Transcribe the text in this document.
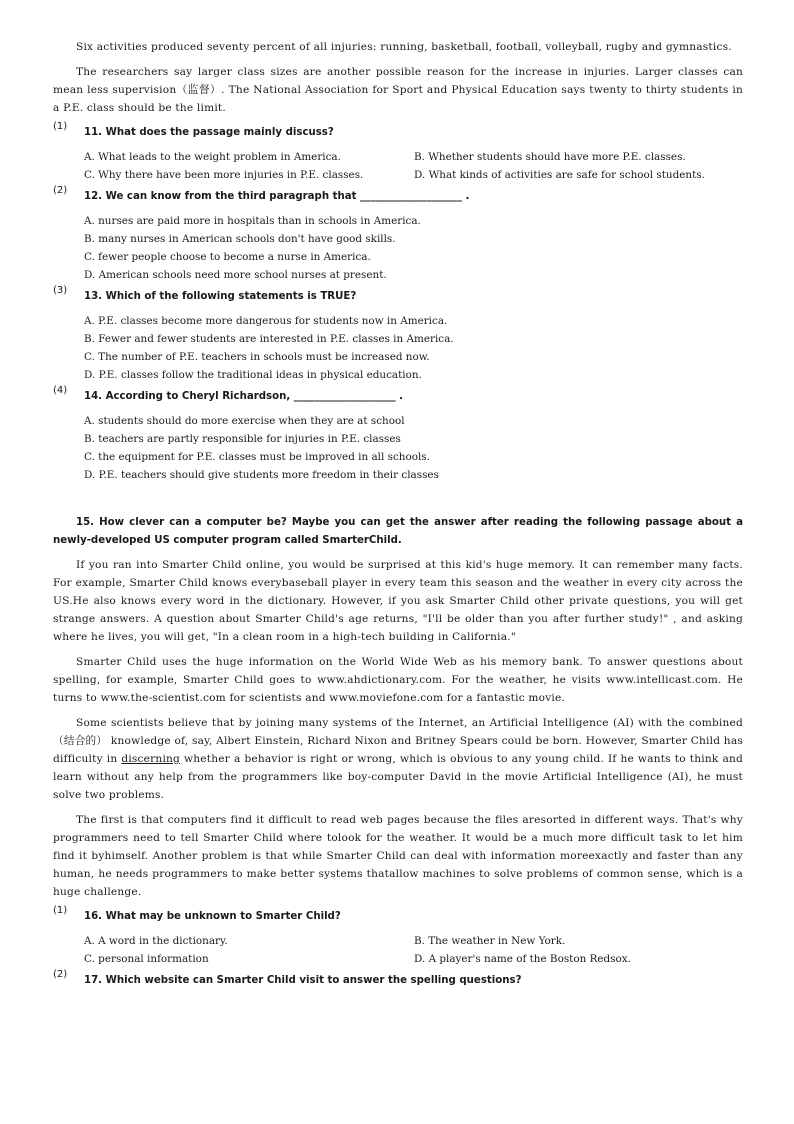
Six activities produced seventy percent of all injuries: running, basketball, football, volleyball, rugby and gymnastics.

The researchers say larger class sizes are another possible reason for the increase in injuries. Larger classes can mean less supervision（监督）. The National Association for Sport and Physical Education says twenty to thirty students in a P.E. class should be the limit.

(1)
11. What does the passage mainly discuss?
A. What leads to the weight problem in America.	B. Whether students should have more P.E. classes.
C. Why there have been more injuries in P.E. classes.	D. What kinds of activities are safe for school students.
(2)
12. We can know from the third paragraph that ____________________ .
A. nurses are paid more in hospitals than in schools in America.
B. many nurses in American schools don't have good skills.
C. fewer people choose to become a nurse in America.
D. American schools need more school nurses at present.
(3)
13. Which of the following statements is TRUE?
A. P.E. classes become more dangerous for students now in America.
B. Fewer and fewer students are interested in P.E. classes in America.
C. The number of P.E. teachers in schools must be increased now.
D. P.E. classes follow the traditional ideas in physical education.
(4)
14. According to Cheryl Richardson, ____________________ .
A. students should do more exercise when they are at school
B. teachers are partly responsible for injuries in P.E. classes
C. the equipment for P.E. classes must be improved in all schools.
D. P.E. teachers should give students more freedom in their classes

15. How clever can a computer be? Maybe you can get the answer after reading the following passage about a newly-developed US computer program called SmarterChild.

If you ran into Smarter Child online, you would be surprised at this kid's huge memory. It can remember many facts. For example, Smarter Child knows everybaseball player in every team this season and the weather in every city across the US.He also knows every word in the dictionary. However, if you ask Smarter Child other private questions, you will get strange answers. A question about Smarter Child's age returns, "I'll be older than you after further study!" , and asking where he lives, you will get, "In a clean room in a high-tech building in California."

Smarter Child uses the huge information on the World Wide Web as his memory bank. To answer questions about spelling, for example, Smarter Child goes to www.ahdictionary.com. For the weather, he visits www.intellicast.com. He turns to www.the-scientist.com for scientists and www.moviefone.com for a fantastic movie.

Some scientists believe that by joining many systems of the Internet, an Artificial Intelligence (AI) with the combined （结合的） knowledge of, say, Albert Einstein, Richard Nixon and Britney Spears could be born. However, Smarter Child has difficulty in discerning whether a behavior is right or wrong, which is obvious to any young child. If he wants to think and learn without any help from the programmers like boy-computer David in the movie Artificial Intelligence (AI), he must solve two problems.

The first is that computers find it difficult to read web pages because the files aresorted in different ways. That's why programmers need to tell Smarter Child where tolook for the weather. It would be a much more difficult task to let him find it byhimself. Another problem is that while Smarter Child can deal with information moreexactly and faster than any human, he needs programmers to make better systems thatallow machines to solve problems of common sense, which is a huge challenge.

(1)
16. What may be unknown to Smarter Child?
A. A word in the dictionary.	B. The weather in New York.
C. personal information	D. A player's name of the Boston Redsox.
(2)
17. Which website can Smarter Child visit to answer the spelling questions?
